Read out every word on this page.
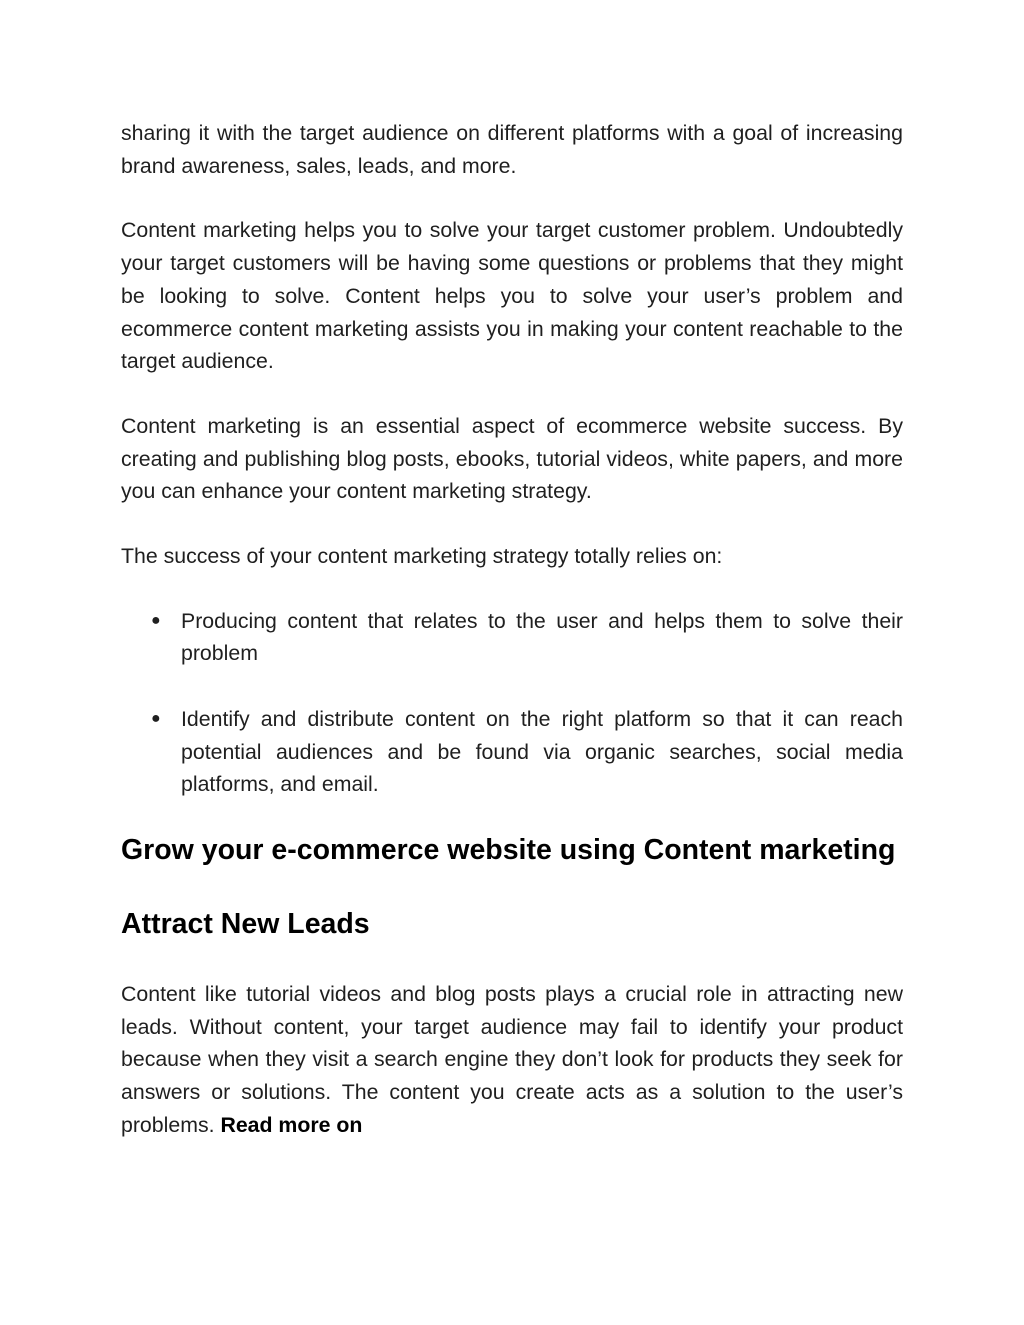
sharing it with the target audience on different platforms with a goal of increasing brand awareness, sales, leads, and more.

Content marketing helps you to solve your target customer problem. Undoubtedly your target customers will be having some questions or problems that they might be looking to solve. Content helps you to solve your user’s problem and ecommerce content marketing assists you in making your content reachable to the target audience.

Content marketing is an essential aspect of ecommerce website success. By creating and publishing blog posts, ebooks, tutorial videos, white papers, and more you can enhance your content marketing strategy.

The success of your content marketing strategy totally relies on:

● Producing content that relates to the user and helps them to solve their problem
● Identify and distribute content on the right platform so that it can reach potential audiences and be found via organic searches, social media platforms, and email.
Grow your e-commerce website using Content marketing
Attract New Leads

Content like tutorial videos and blog posts plays a crucial role in attracting new leads. Without content, your target audience may fail to identify your product because when they visit a search engine they don’t look for products they seek for answers or solutions. The content you create acts as a solution to the user’s problems. Read more on
